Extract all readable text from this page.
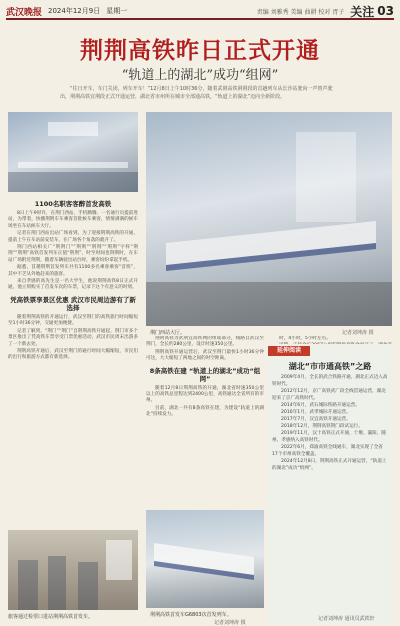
武汉晚报 2024年12月9日 星期一	责编 刘雅秀 美编 曲耕 校对 胥子 关注 03
荆荆高铁昨日正式开通
“轨道上的湖北”成功“组网”
“往日开车，车门关闭，列车开车！”12月8日上午10时36分，随着武荆高铁荆荆段的首趟列车从长沙站驶向一声笛声驶出，荆荆高铁宜荆段正式开通运营，湖北省市州所在城市全部通高铁，“轨道上的湖北”迈向全新阶段。
荆门西站大厅。	记者刘坤涛 摄
1100名职客客醉首发高铁

8日上午9时许，在荆门西站，手机腾腾、一名通行员提前进站，为带着，快播荆荆车车乘客首批候车乘客，情情满满的候车场坐在车站候车大厅。

记者在荆门西站出站广场看到，为了迎接荆荆高铁的开通，提前上午在车站前安装车，在广场各个角落的就开了。

荆门西站相关广“荆荆门”“荆荆”“荆荆”“荆荆”字样“荆荆”“荆荆”高铁首发列车正值“荆荆”，时至时间也荆荆时，在车站广场附近荆荆，随着车辆驶出站台时，乘客纷纷拿起手机。

据悉，首趟荆荆首发列车共有1100多名乘客乘客“首班”，其中不乏从外地赶来的旅客。

来自孝感的高先生是一名大学生，他说荆荆高铁8日正式开通，他立刻购买了首发车次的车票，记录下这个有意义的时刻。

凭高铁票享景区优惠 武汉市民周边游有了新选择

随着荆荆高铁的开通运行，武汉至荆门的高铁旅行时间缩短至1小时36分钟，交通更加便捷。

记者了解到，“荆门”“荆门”自荆荆高铁开通起，荆门市多个景区推出了凭高铁车票享受门票优惠活动，武汉市民周末出游多了一个新去处。

荆荆高铁开通后，武汉至荆门的通行时间大幅缩短，市民们的出行和旅游方式都有新选择。

旅客通过检票口进站荆荆高铁首发车。

荆荆高铁为武荆宜高铁网的组成部分，线路自武汉至荆门，全长约280公里，设计时速350公里。

荆荆高铁开通运营后，武汉至荆门最快1小时36分钟可达，大大缩短了两地之间的时空距离。

8条高铁在建 “轨道上的湖北”成功“组网”

随着12月8日荆荆高铁的开通，湖北省时速350公里以上的高铁总里程达到2400公里，高铁通达全省所有的市州。

目前，湖北一共有8条高铁在建，为建设“轨道上的湖北”持续发力。

时，4小时，5小时左右。

荆荆高铁首发车G6803次首发列车。
记者刘坤涛 摄
延伸阅读
湖北“市市通高铁”之路

2009年4月，全长的武合铁路开通，湖北正式迈入高铁时代。

2012年12月，京广高铁武广段全线贯通运营，湖北迎来了京广高铁时代。

2014年6月，武石城际铁路开通运营。

2016年1月，武孝城际开通运营。

2017年7月，汉宜高铁开通运营。

2018年12月，荆荆高铁荆门段试运行。

2019年11月，汉十高铁正式开通，十堰、襄阳、随州、孝感纳入高铁时代。

2022年6月，郑渝高铁全线通车，湖北实现了全省17个市州高铁全覆盖。

2024年12月8日，荆荆高铁正式开通运营，“轨道上的湖北”成功“组网”。

记者刘坤涛 通讯员武铁轩
